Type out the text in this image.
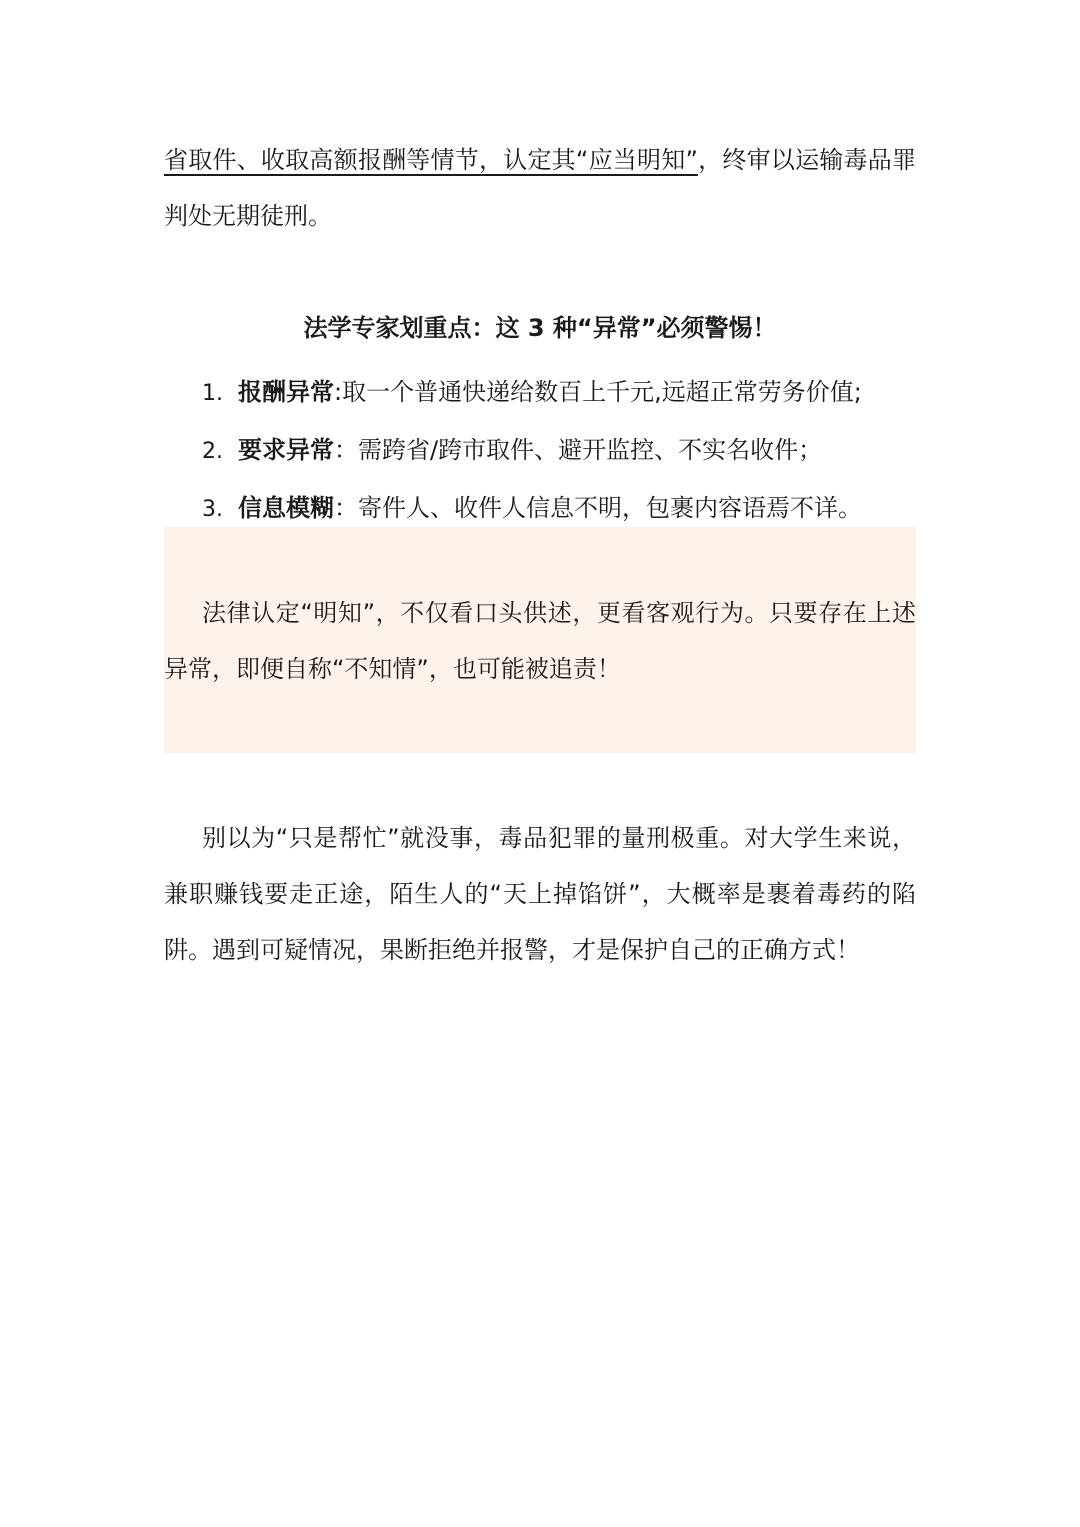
省取件、收取高额报酬等情节，认定其“应当明知”，终审以运输毒品罪判处无期徒刑。

法学专家划重点：这 3 种“异常”必须警惕！
1. 报酬异常 :取一个普通快递给数百上千元,远超正常劳务价值;
2. 要求异常 ：需跨省/跨市取件、避开监控、不实名收件；
3. 信息模糊 ：寄件人、收件人信息不明，包裹内容语焉不详。

法律认定“明知”，不仅看口头供述，更看客观行为。只要存在上述异常，即便自称“不知情”，也可能被追责！

别以为“只是帮忙”就没事，毒品犯罪的量刑极重。对大学生来说，兼职赚钱要走正途，陌生人的“天上掉馅饼”，大概率是裹着毒药的陷阱。遇到可疑情况，果断拒绝并报警，才是保护自己的正确方式！
